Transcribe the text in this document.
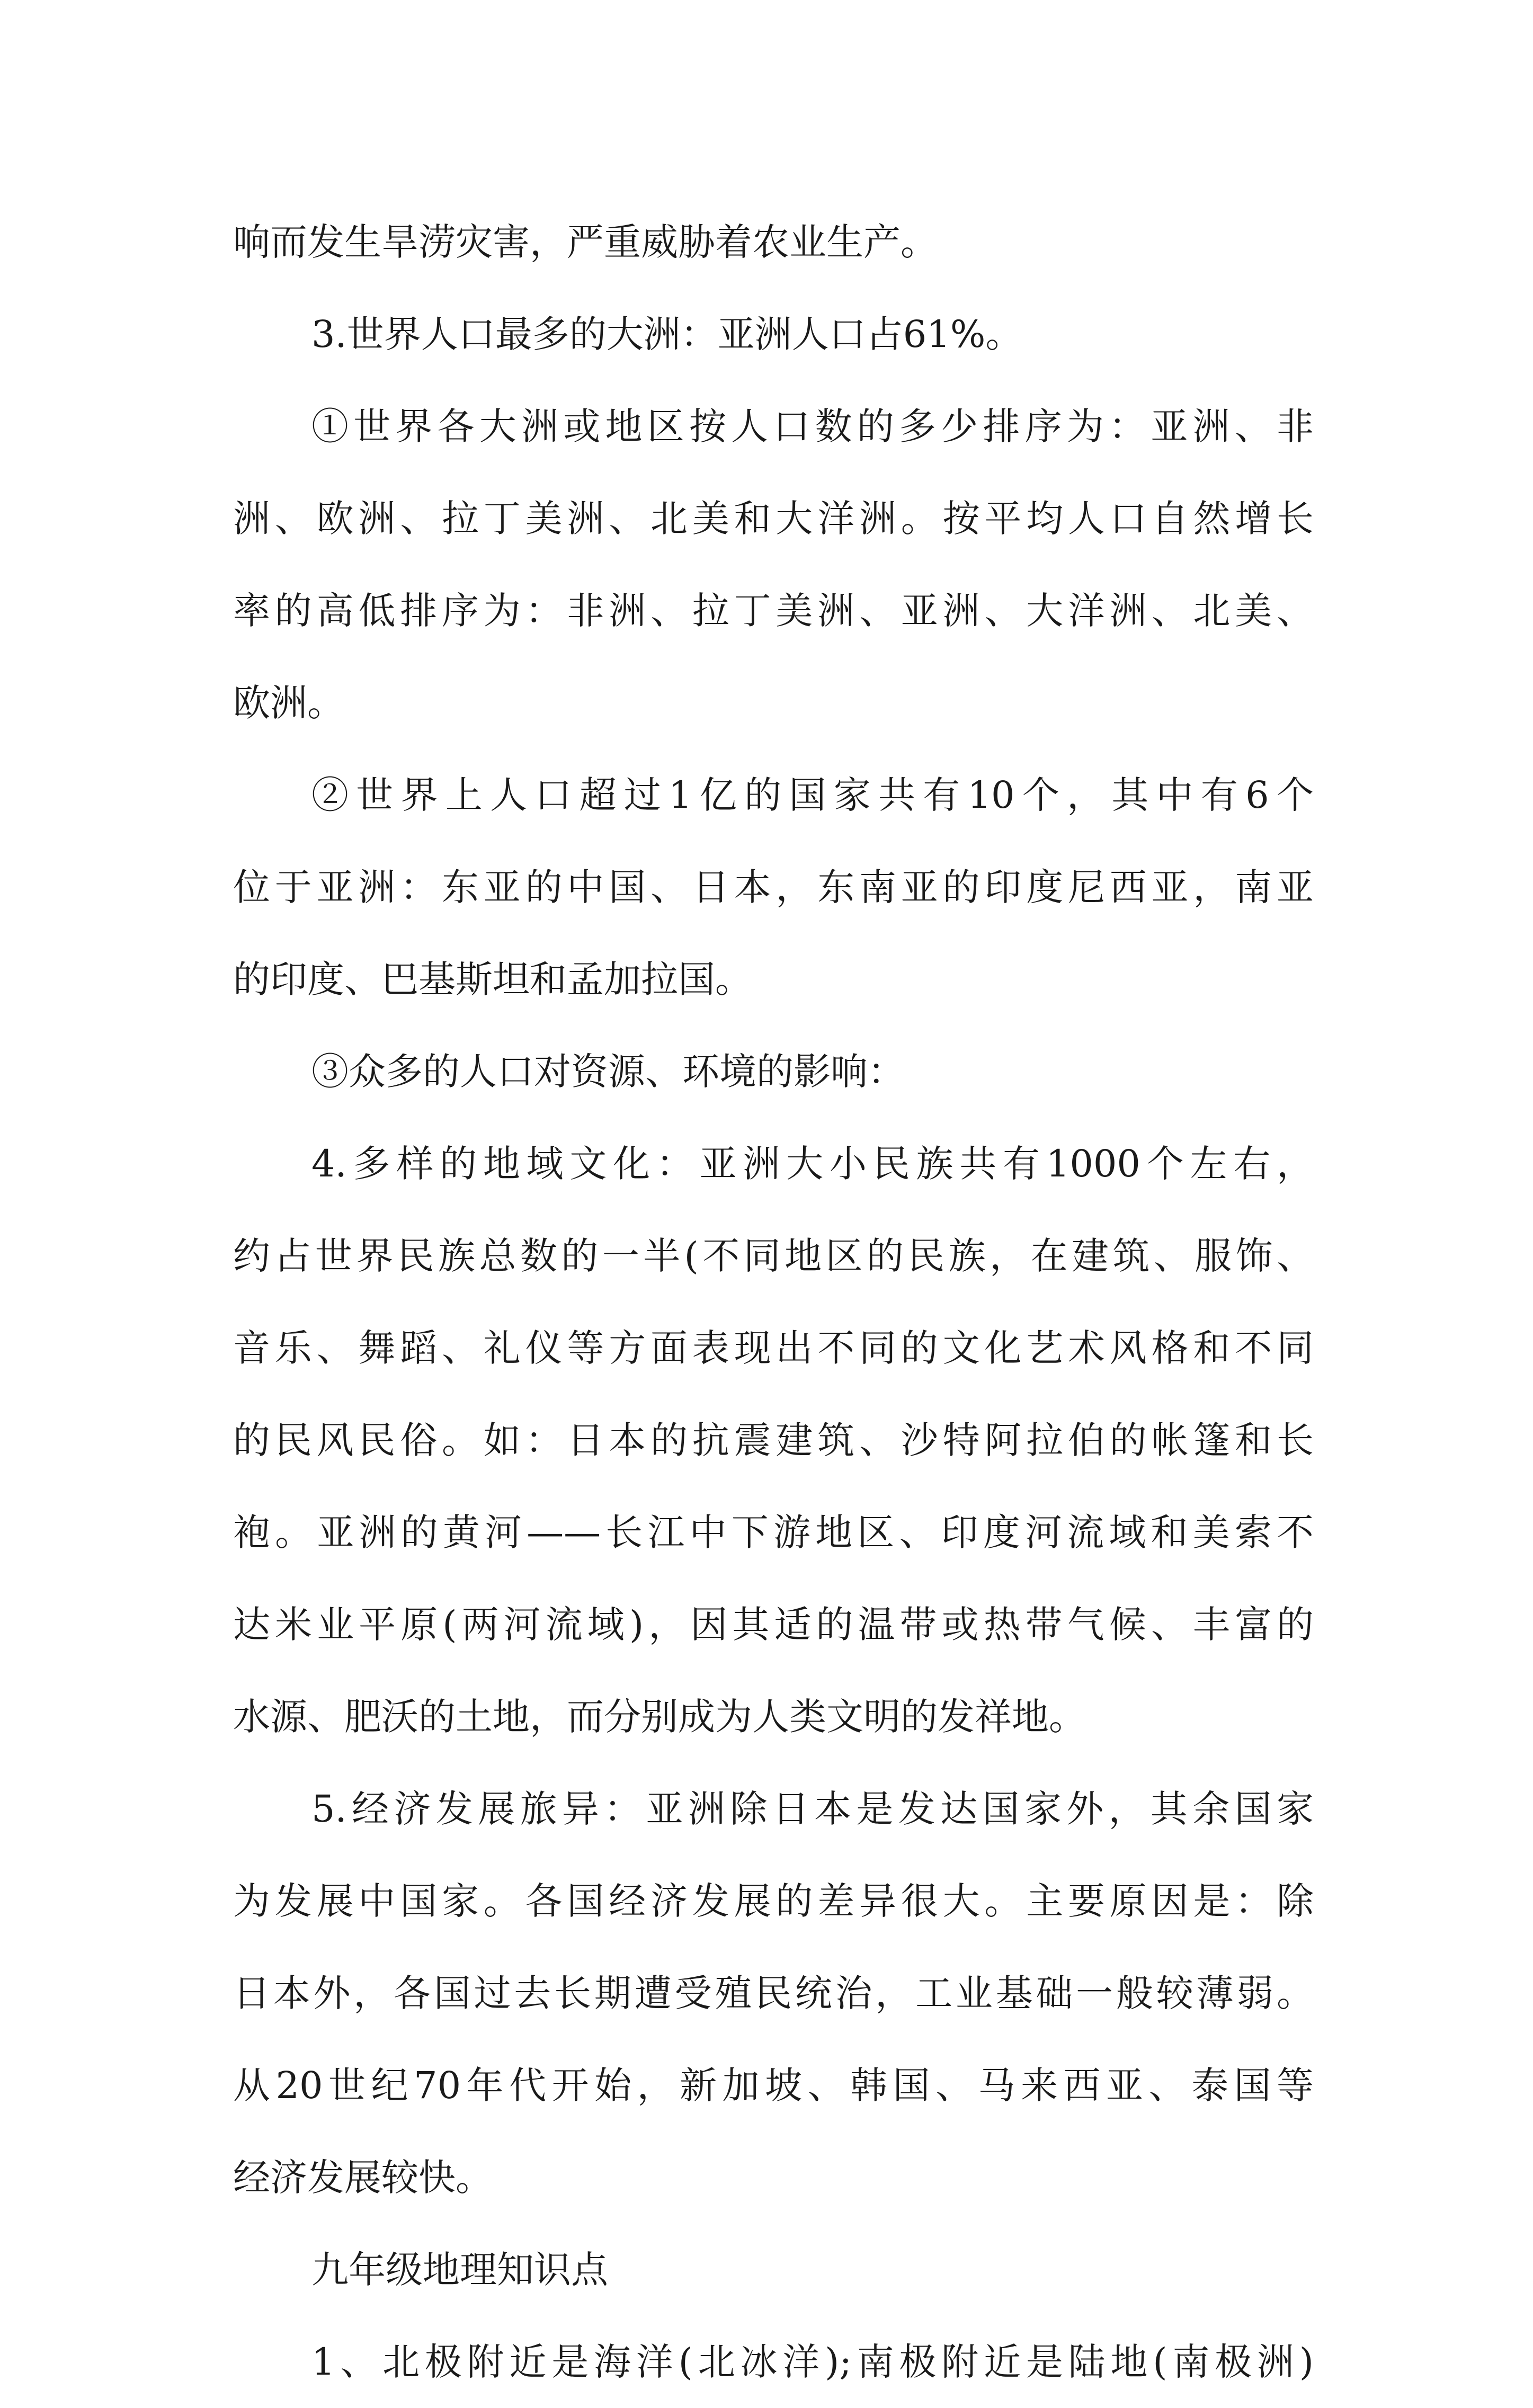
响而发生旱涝灾害，严重威胁着农业生产。
3.世界人口最多的大洲：亚洲人口占61%。
①世界各大洲或地区按人口数的多少排序为：亚洲、非
洲、欧洲、拉丁美洲、北美和大洋洲。按平均人口自然增长
率的高低排序为：非洲、拉丁美洲、亚洲、大洋洲、北美、
欧洲。
②世界上人口超过1亿的国家共有10个，其中有6个
位于亚洲：东亚的中国、日本，东南亚的印度尼西亚，南亚
的印度、巴基斯坦和孟加拉国。
③众多的人口对资源、环境的影响：
4.多样的地域文化：亚洲大小民族共有1000个左右，
约占世界民族总数的一半(不同地区的民族，在建筑、服饰、
音乐、舞蹈、礼仪等方面表现出不同的文化艺术风格和不同
的民风民俗。如：日本的抗震建筑、沙特阿拉伯的帐篷和长
袍。亚洲的黄河——长江中下游地区、印度河流域和美索不
达米业平原(两河流域)，因其适的温带或热带气候、丰富的
水源、肥沃的土地，而分别成为人类文明的发祥地。
5.经济发展旅异：亚洲除日本是发达国家外，其余国家
为发展中国家。各国经济发展的差异很大。主要原因是：除
日本外，各国过去长期遭受殖民统治，工业基础一般较薄弱。
从20世纪70年代开始，新加坡、韩国、马来西亚、泰国等
经济发展较快。
九年级地理知识点
1、北极附近是海洋(北冰洋);南极附近是陆地(南极洲)
